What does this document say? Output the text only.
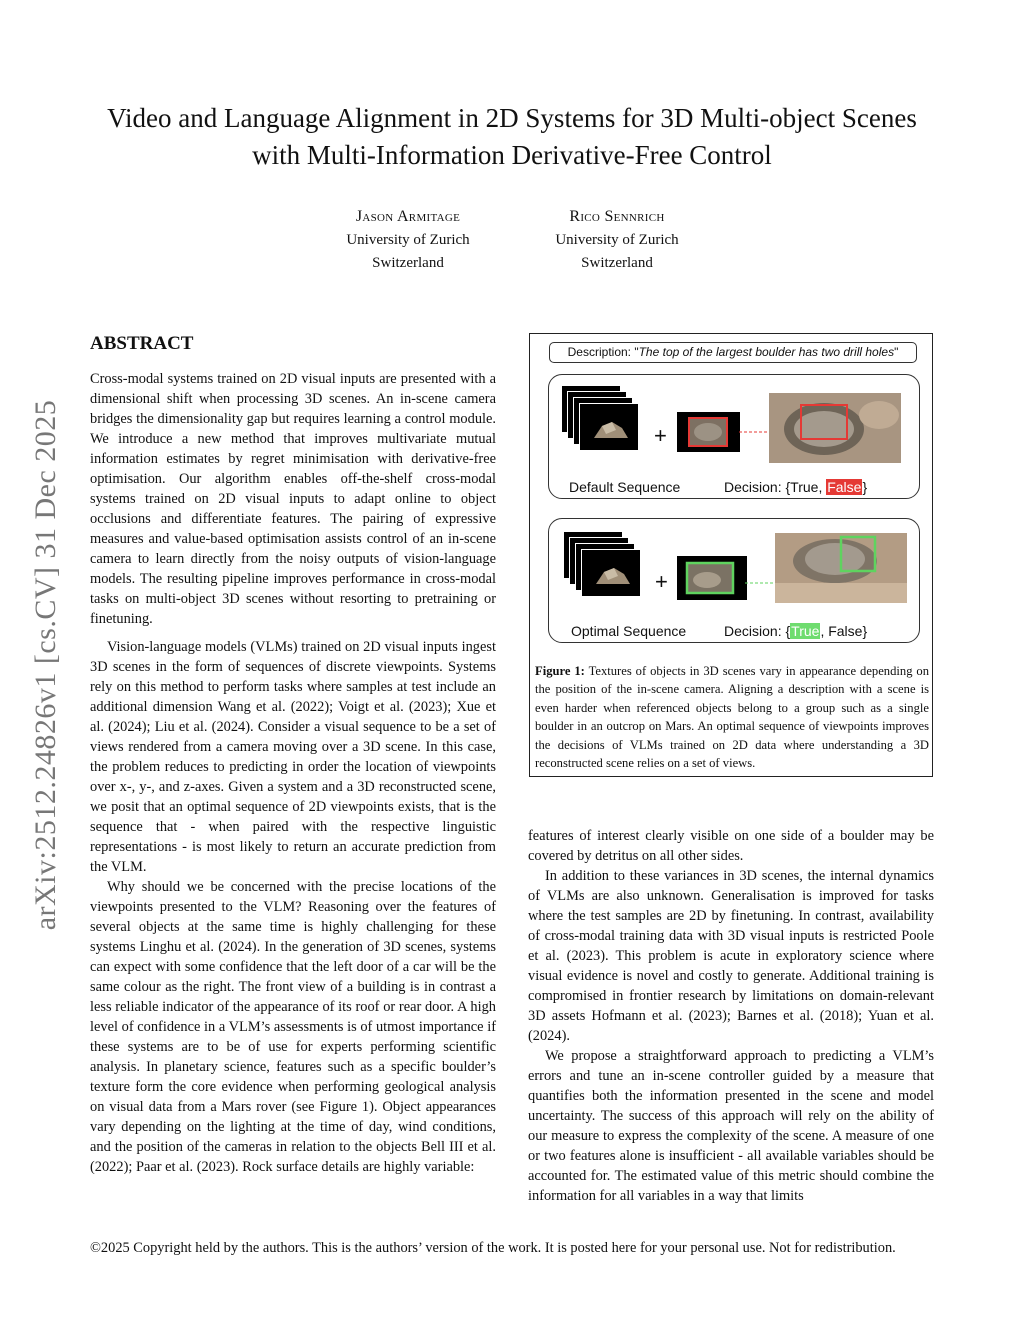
arXiv:2512.24826v1 [cs.CV] 31 Dec 2025
Video and Language Alignment in 2D Systems for 3D Multi-object Scenes
with Multi-Information Derivative-Free Control
Jason Armitage
University of Zurich
Switzerland
Rico Sennrich
University of Zurich
Switzerland
ABSTRACT

Cross-modal systems trained on 2D visual inputs are presented with a dimensional shift when processing 3D scenes. An in-scene camera bridges the dimensionality gap but requires learning a control module. We introduce a new method that improves multivariate mutual information estimates by regret minimisation with derivative-free optimisation. Our algorithm enables off-the-shelf cross-modal systems trained on 2D visual inputs to adapt online to object occlusions and differentiate features. The pairing of expressive measures and value-based optimisation assists control of an in-scene camera to learn directly from the noisy outputs of vision-language models. The resulting pipeline improves performance in cross-modal tasks on multi-object 3D scenes without resorting to pretraining or finetuning.

Vision-language models (VLMs) trained on 2D visual inputs ingest 3D scenes in the form of sequences of discrete viewpoints. Systems rely on this method to perform tasks where samples at test include an additional dimension Wang et al. (2022); Voigt et al. (2023); Xue et al. (2024); Liu et al. (2024). Consider a visual sequence to be a set of views rendered from a camera moving over a 3D scene. In this case, the problem reduces to predicting in order the location of viewpoints over x-, y-, and z-axes. Given a system and a 3D reconstructed scene, we posit that an optimal sequence of 2D viewpoints exists, that is the sequence that - when paired with the respective linguistic representations - is most likely to return an accurate prediction from the VLM.

Why should we be concerned with the precise locations of the viewpoints presented to the VLM? Reasoning over the features of several objects at the same time is highly challenging for these systems Linghu et al. (2024). In the generation of 3D scenes, systems can expect with some confidence that the left door of a car will be the same colour as the right. The front view of a building is in contrast a less reliable indicator of the appearance of its roof or rear door. A high level of confidence in a VLM’s assessments is of utmost importance if these systems are to be of use for experts performing scientific analysis. In planetary science, features such as a specific boulder’s texture form the core evidence when performing geological analysis on visual data from a Mars rover (see Figure 1). Object appearances vary depending on the lighting at the time of day, wind conditions, and the position of the cameras in relation to the objects Bell III et al. (2022); Paar et al. (2023). Rock surface details are highly variable:

Description: "The top of the largest boulder has two drill holes"
+
Default Sequence	Decision: {True, False}
+
Optimal Sequence	Decision: {True, False}
Figure 1: Textures of objects in 3D scenes vary in appearance depending on the position of the in-scene camera. Aligning a description with a scene is even harder when referenced objects belong to a group such as a single boulder in an outcrop on Mars. An optimal sequence of viewpoints improves the decisions of VLMs trained on 2D data where understanding a 3D reconstructed scene relies on a set of views.

features of interest clearly visible on one side of a boulder may be covered by detritus on all other sides.

In addition to these variances in 3D scenes, the internal dynamics of VLMs are also unknown. Generalisation is improved for tasks where the test samples are 2D by finetuning. In contrast, availability of cross-modal training data with 3D visual inputs is restricted Poole et al. (2023). This problem is acute in exploratory science where visual evidence is novel and costly to generate. Additional training is compromised in frontier research by limitations on domain-relevant 3D assets Hofmann et al. (2023); Barnes et al. (2018); Yuan et al. (2024).

We propose a straightforward approach to predicting a VLM’s errors and tune an in-scene controller guided by a measure that quantifies both the information presented in the scene and model uncertainty. The success of this approach will rely on the ability of our measure to express the complexity of the scene. A measure of one or two features alone is insufficient - all available variables should be accounted for. The estimated value of this metric should combine the information for all variables in a way that limits

©2025 Copyright held by the authors. This is the authors’ version of the work. It is posted here for your personal use. Not for redistribution.
